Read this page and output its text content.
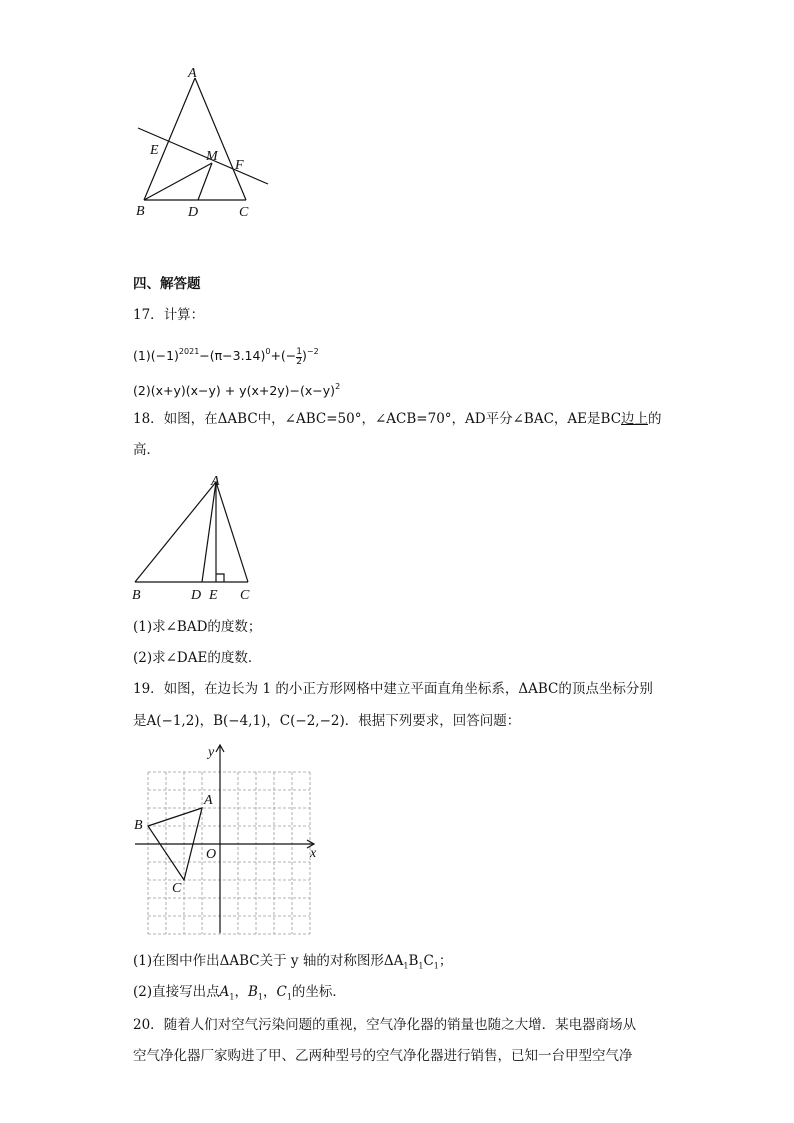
A
E	M
F
B	D	C
四、解答题
17．计算：
$(1)(-1)^{2021}-(\pi-3.14)^0+(- \frac{1}{2} )^{-2}$
$(2)(x+y)(x-y) + y(x+2y)-(x-y)^2$
18．如图，在ΔABC中，∠ABC=50°，∠ACB=70°，AD平分∠BAC，AE是BC边上的
高．
A
B	D E C
(1)求∠BAD的度数；
(2)求∠DAE的度数．
19．如图，在边长为 1 的小正方形网格中建立平面直角坐标系，ΔABC的顶点坐标分别
是A(−1,2)，B(−4,1)，C(−2,−2)．根据下列要求，回答问题：
y
x
O
A
B
C
(1)在图中作出ΔABC关于 y 轴的对称图形$\Delta A_1B_1C_1$；
(2)直接写出点$A_1$，$B_1$，$C_1$的坐标．
20．随着人们对空气污染问题的重视，空气净化器的销量也随之大增．某电器商场从
空气净化器厂家购进了甲、乙两种型号的空气净化器进行销售，已知一台甲型空气净
